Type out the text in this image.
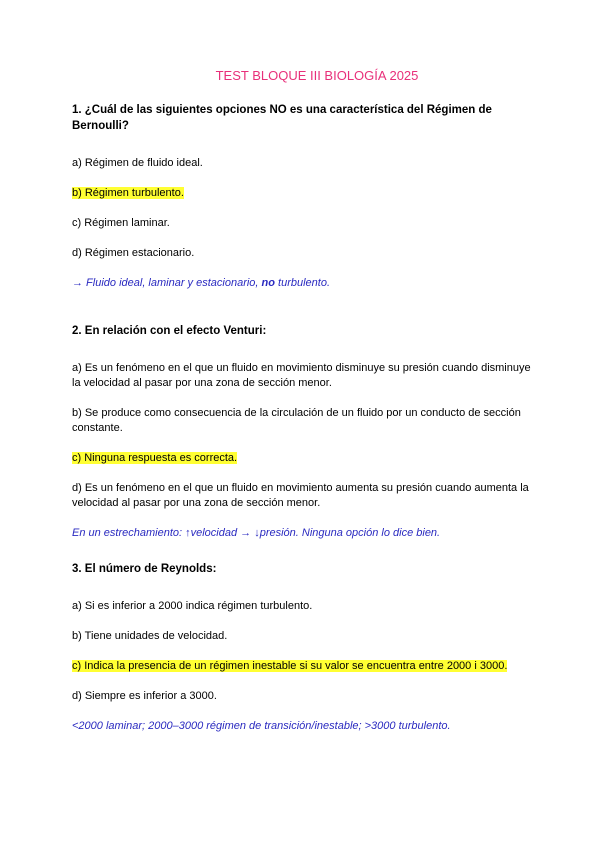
TEST BLOQUE III BIOLOGÍA 2025
1. ¿Cuál de las siguientes opciones NO es una característica del Régimen de Bernoulli?
a) Régimen de fluido ideal.
b) Régimen turbulento.
c) Régimen laminar.
d) Régimen estacionario.
→ Fluido ideal, laminar y estacionario, no turbulento.
2. En relación con el efecto Venturi:
a) Es un fenómeno en el que un fluido en movimiento disminuye su presión cuando disminuye la velocidad al pasar por una zona de sección menor.
b) Se produce como consecuencia de la circulación de un fluido por un conducto de sección constante.
c) Ninguna respuesta es correcta.
d) Es un fenómeno en el que un fluido en movimiento aumenta su presión cuando aumenta la velocidad al pasar por una zona de sección menor.
En un estrechamiento: ↑velocidad → ↓presión. Ninguna opción lo dice bien.
3. El número de Reynolds:
a) Si es inferior a 2000 indica régimen turbulento.
b) Tiene unidades de velocidad.
c) Indica la presencia de un régimen inestable si su valor se encuentra entre 2000 i 3000.
d) Siempre es inferior a 3000.
<2000 laminar; 2000–3000 régimen de transición/inestable; >3000 turbulento.
